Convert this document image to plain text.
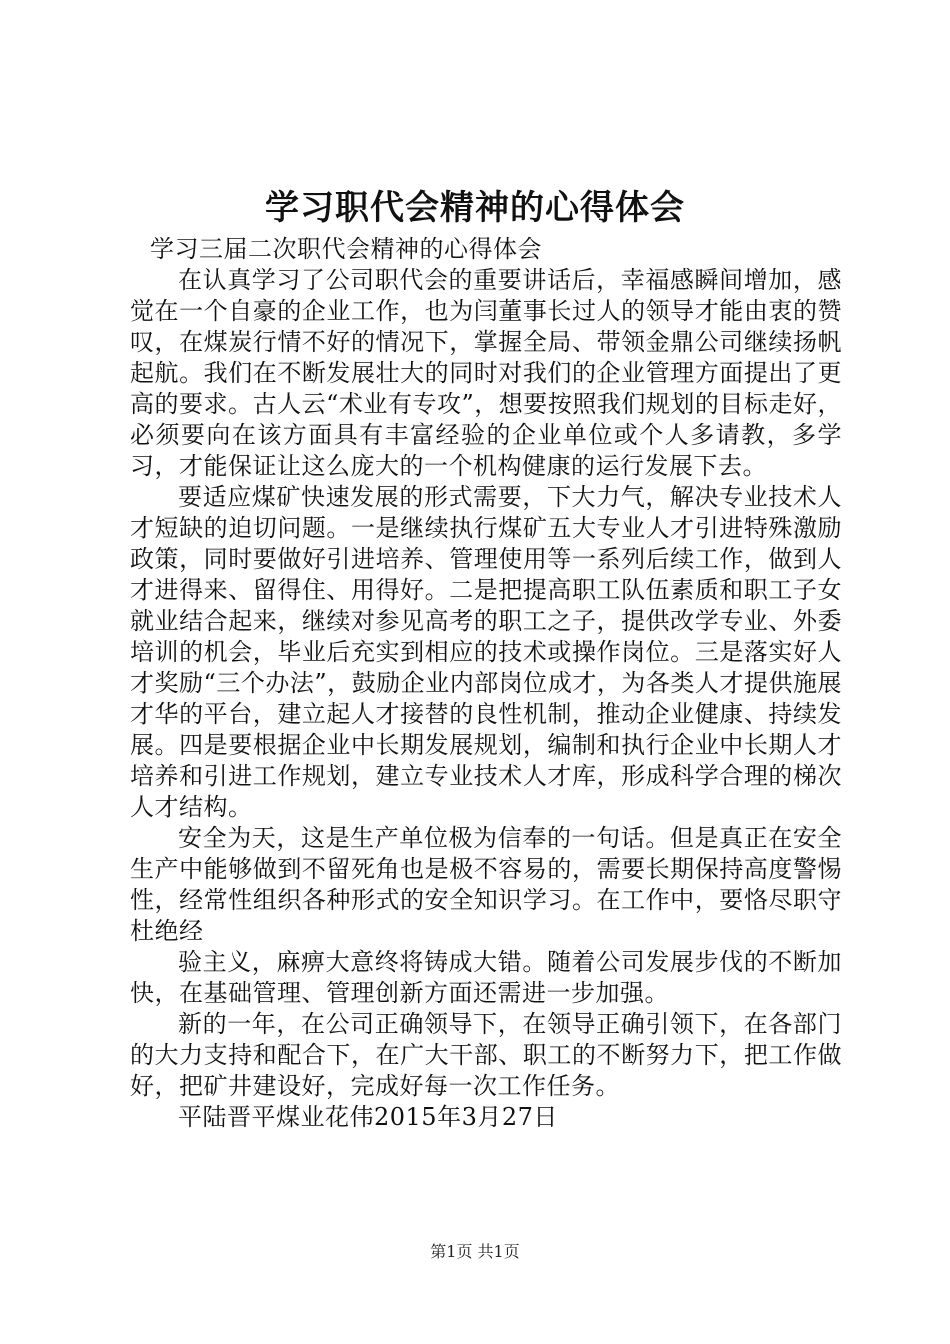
学习职代会精神的心得体会

学习三届二次职代会精神的心得体会

在认真学习了公司职代会的重要讲话后，幸福感瞬间增加，感觉在一个自豪的企业工作，也为闫董事长过人的领导才能由衷的赞叹，在煤炭行情不好的情况下，掌握全局、带领金鼎公司继续扬帆起航。我们在不断发展壮大的同时对我们的企业管理方面提出了更高的要求。古人云“术业有专攻”，想要按照我们规划的目标走好，必须要向在该方面具有丰富经验的企业单位或个人多请教，多学习，才能保证让这么庞大的一个机构健康的运行发展下去。

要适应煤矿快速发展的形式需要，下大力气，解决专业技术人才短缺的迫切问题。一是继续执行煤矿五大专业人才引进特殊激励政策，同时要做好引进培养、管理使用等一系列后续工作，做到人才进得来、留得住、用得好。二是把提高职工队伍素质和职工子女就业结合起来，继续对参见高考的职工之子，提供改学专业、外委培训的机会，毕业后充实到相应的技术或操作岗位。三是落实好人才奖励“三个办法”，鼓励企业内部岗位成才，为各类人才提供施展才华的平台，建立起人才接替的良性机制，推动企业健康、持续发展。四是要根据企业中长期发展规划，编制和执行企业中长期人才培养和引进工作规划，建立专业技术人才库，形成科学合理的梯次人才结构。

安全为天，这是生产单位极为信奉的一句话。但是真正在安全生产中能够做到不留死角也是极不容易的，需要长期保持高度警惕性，经常性组织各种形式的安全知识学习。在工作中，要恪尽职守杜绝经

验主义，麻痹大意终将铸成大错。随着公司发展步伐的不断加快，在基础管理、管理创新方面还需进一步加强。

新的一年，在公司正确领导下，在领导正确引领下，在各部门的大力支持和配合下，在广大干部、职工的不断努力下，把工作做好，把矿井建设好，完成好每一次工作任务。

平陆晋平煤业花伟2015年3月27日

第1页 共1页
